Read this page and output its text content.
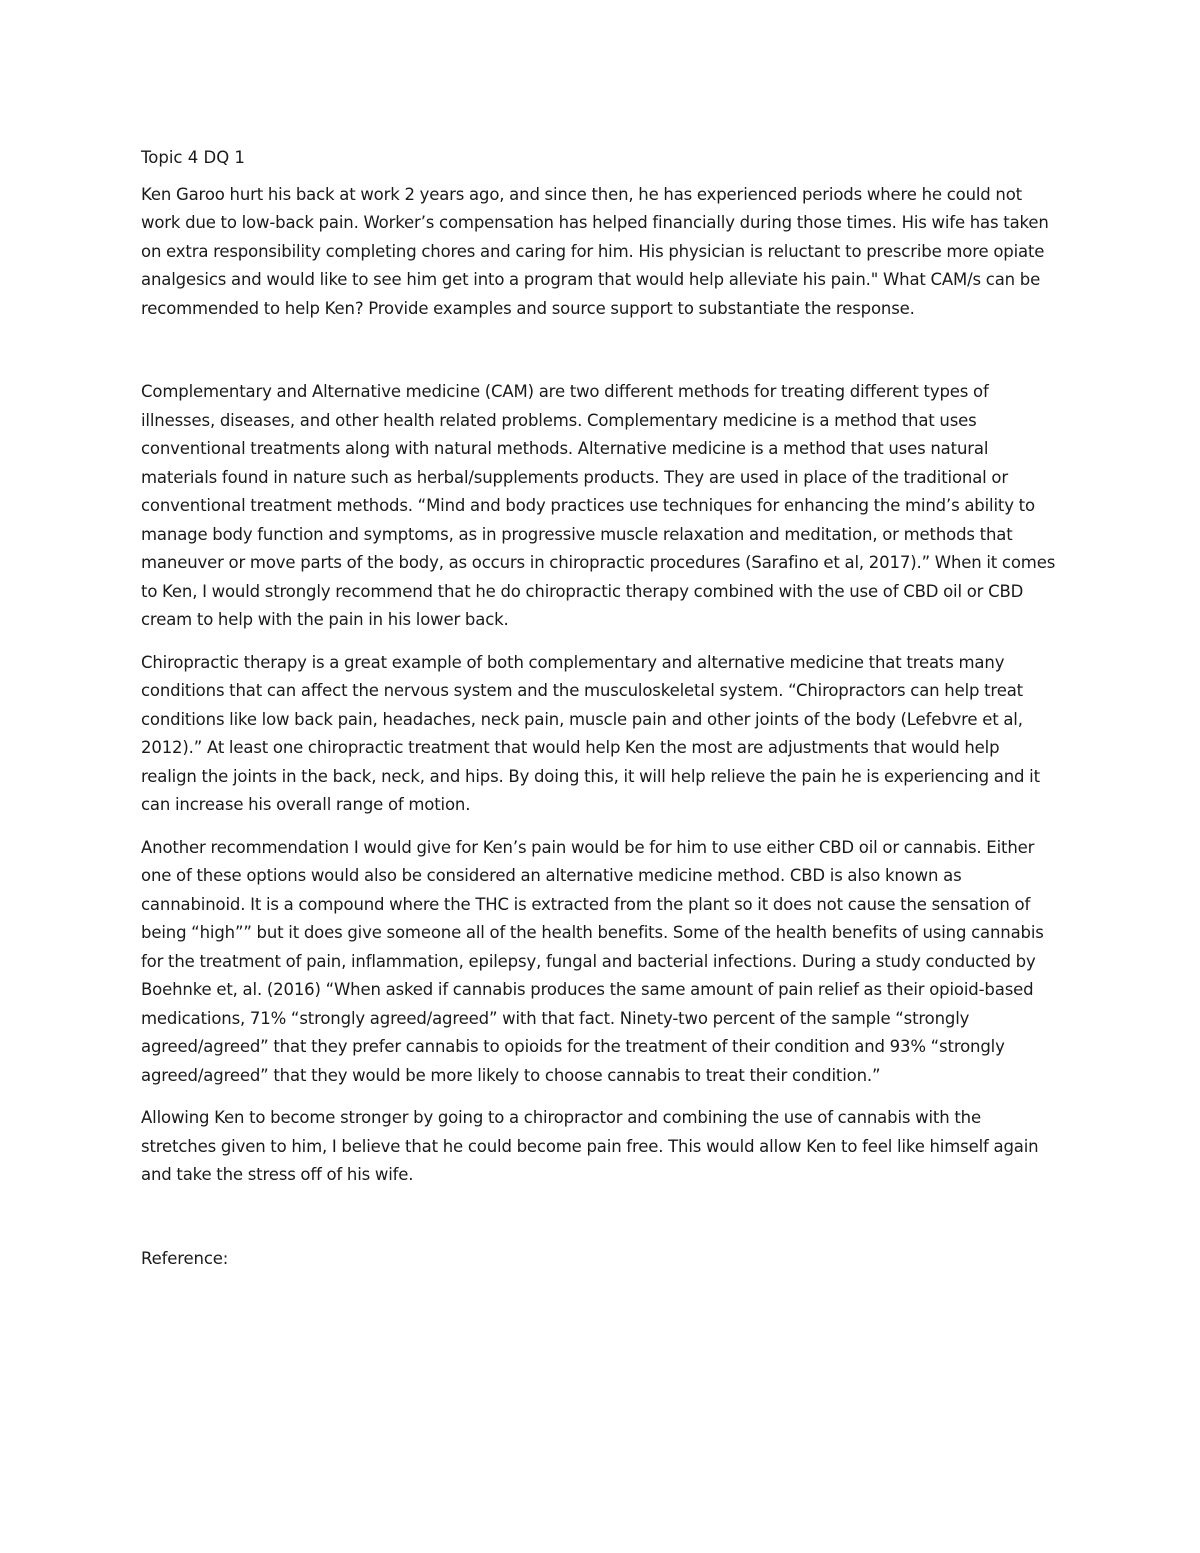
Topic 4 DQ 1

Ken Garoo hurt his back at work 2 years ago, and since then, he has experienced periods where he could not work due to low-back pain. Worker’s compensation has helped financially during those times. His wife has taken on extra responsibility completing chores and caring for him. His physician is reluctant to prescribe more opiate analgesics and would like to see him get into a program that would help alleviate his pain." What CAM/s can be recommended to help Ken? Provide examples and source support to substantiate the response.

Complementary and Alternative medicine (CAM) are two different methods for treating different types of illnesses, diseases, and other health related problems. Complementary medicine is a method that uses conventional treatments along with natural methods. Alternative medicine is a method that uses natural materials found in nature such as herbal/supplements products. They are used in place of the traditional or conventional treatment methods. “Mind and body practices use techniques for enhancing the mind’s ability to manage body function and symptoms, as in progressive muscle relaxation and meditation, or methods that maneuver or move parts of the body, as occurs in chiropractic procedures (Sarafino et al, 2017).” When it comes to Ken, I would strongly recommend that he do chiropractic therapy combined with the use of CBD oil or CBD cream to help with the pain in his lower back.

Chiropractic therapy is a great example of both complementary and alternative medicine that treats many conditions that can affect the nervous system and the musculoskeletal system. “Chiropractors can help treat conditions like low back pain, headaches, neck pain, muscle pain and other joints of the body (Lefebvre et al, 2012).” At least one chiropractic treatment that would help Ken the most are adjustments that would help realign the joints in the back, neck, and hips. By doing this, it will help relieve the pain he is experiencing and it can increase his overall range of motion.

Another recommendation I would give for Ken’s pain would be for him to use either CBD oil or cannabis. Either one of these options would also be considered an alternative medicine method. CBD is also known as cannabinoid. It is a compound where the THC is extracted from the plant so it does not cause the sensation of being “high”” but it does give someone all of the health benefits. Some of the health benefits of using cannabis for the treatment of pain, inflammation, epilepsy, fungal and bacterial infections. During a study conducted by Boehnke et, al. (2016) “When asked if cannabis produces the same amount of pain relief as their opioid-based medications, 71% “strongly agreed/agreed” with that fact. Ninety-two percent of the sample “strongly agreed/agreed” that they prefer cannabis to opioids for the treatment of their condition and 93% “strongly agreed/agreed” that they would be more likely to choose cannabis to treat their condition.”

Allowing Ken to become stronger by going to a chiropractor and combining the use of cannabis with the stretches given to him, I believe that he could become pain free. This would allow Ken to feel like himself again and take the stress off of his wife.

Reference:
